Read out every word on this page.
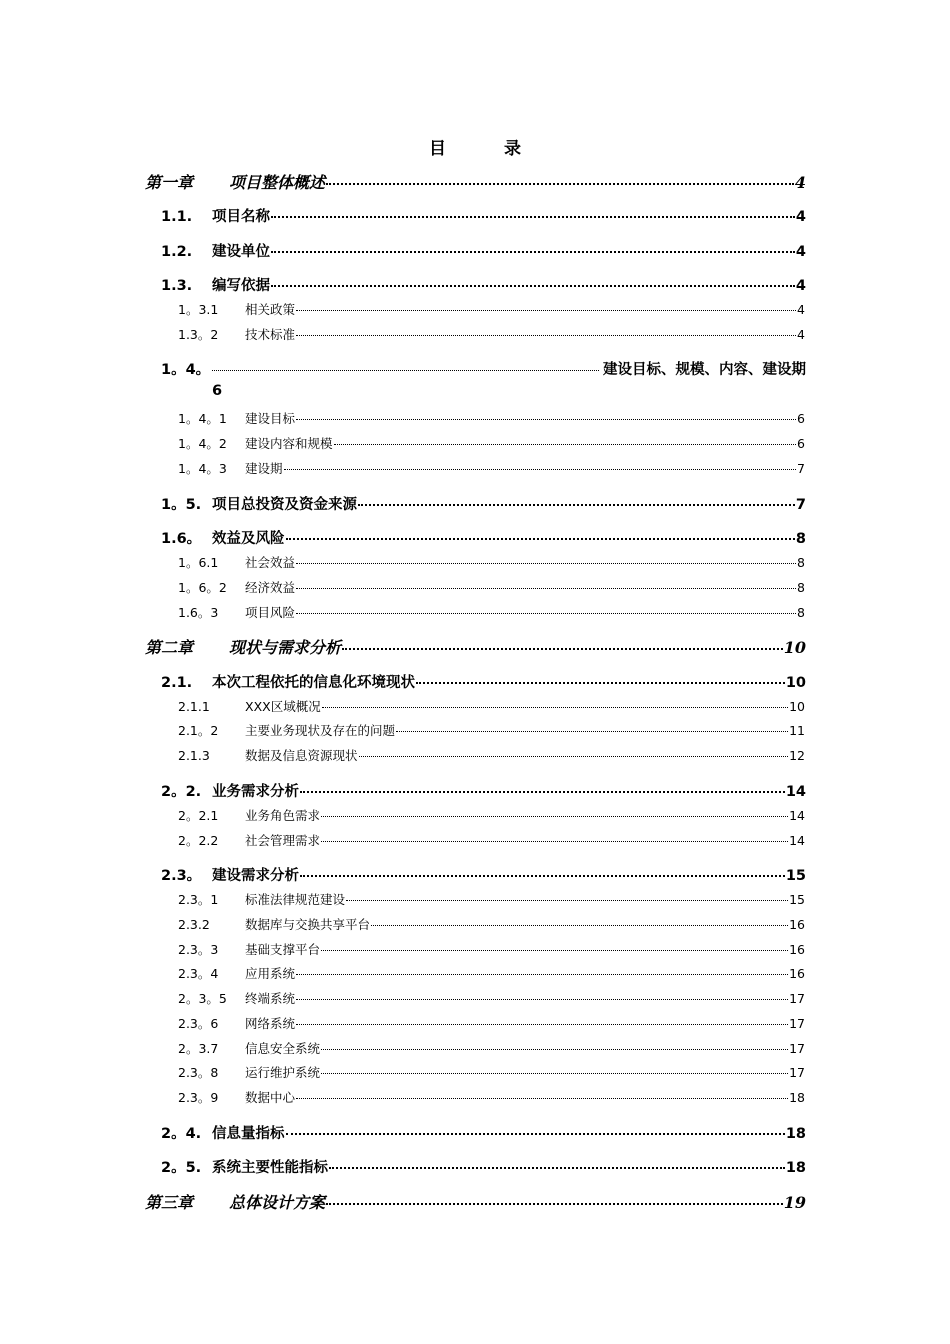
目 录
第一章	项目整体概述	4
1.1.	项目名称	4
1.2.	建设单位	4
1.3.	编写依据	4
1。3.1	相关政策	4
1.3。2	技术标准	4
1。4。	建设目标、规模、内容、建设期
6
1。4。1	建设目标	6
1。4。2	建设内容和规模	6
1。4。3	建设期	7
1。5. 项目总投资及资金来源	7
1.6。 效益及风险	8
1。6.1	社会效益	8
1。6。2	经济效益	8
1.6。3	项目风险	8
第二章	现状与需求分析	10
2.1.	本次工程依托的信息化环境现状	10
2.1.1	XXX区域概况	10
2.1。2	主要业务现状及存在的问题	11
2.1.3	数据及信息资源现状	12
2。2. 业务需求分析	14
2。2.1	业务角色需求	14
2。2.2	社会管理需求	14
2.3。 建设需求分析	15
2.3。1	标准法律规范建设	15
2.3.2	数据库与交换共享平台	16
2.3。3	基础支撑平台	16
2.3。4	应用系统	16
2。3。5	终端系统	17
2.3。6	网络系统	17
2。3.7	信息安全系统	17
2.3。8	运行维护系统	17
2.3。9	数据中心	18
2。4. 信息量指标	18
2。5. 系统主要性能指标	18
第三章	总体设计方案	19
